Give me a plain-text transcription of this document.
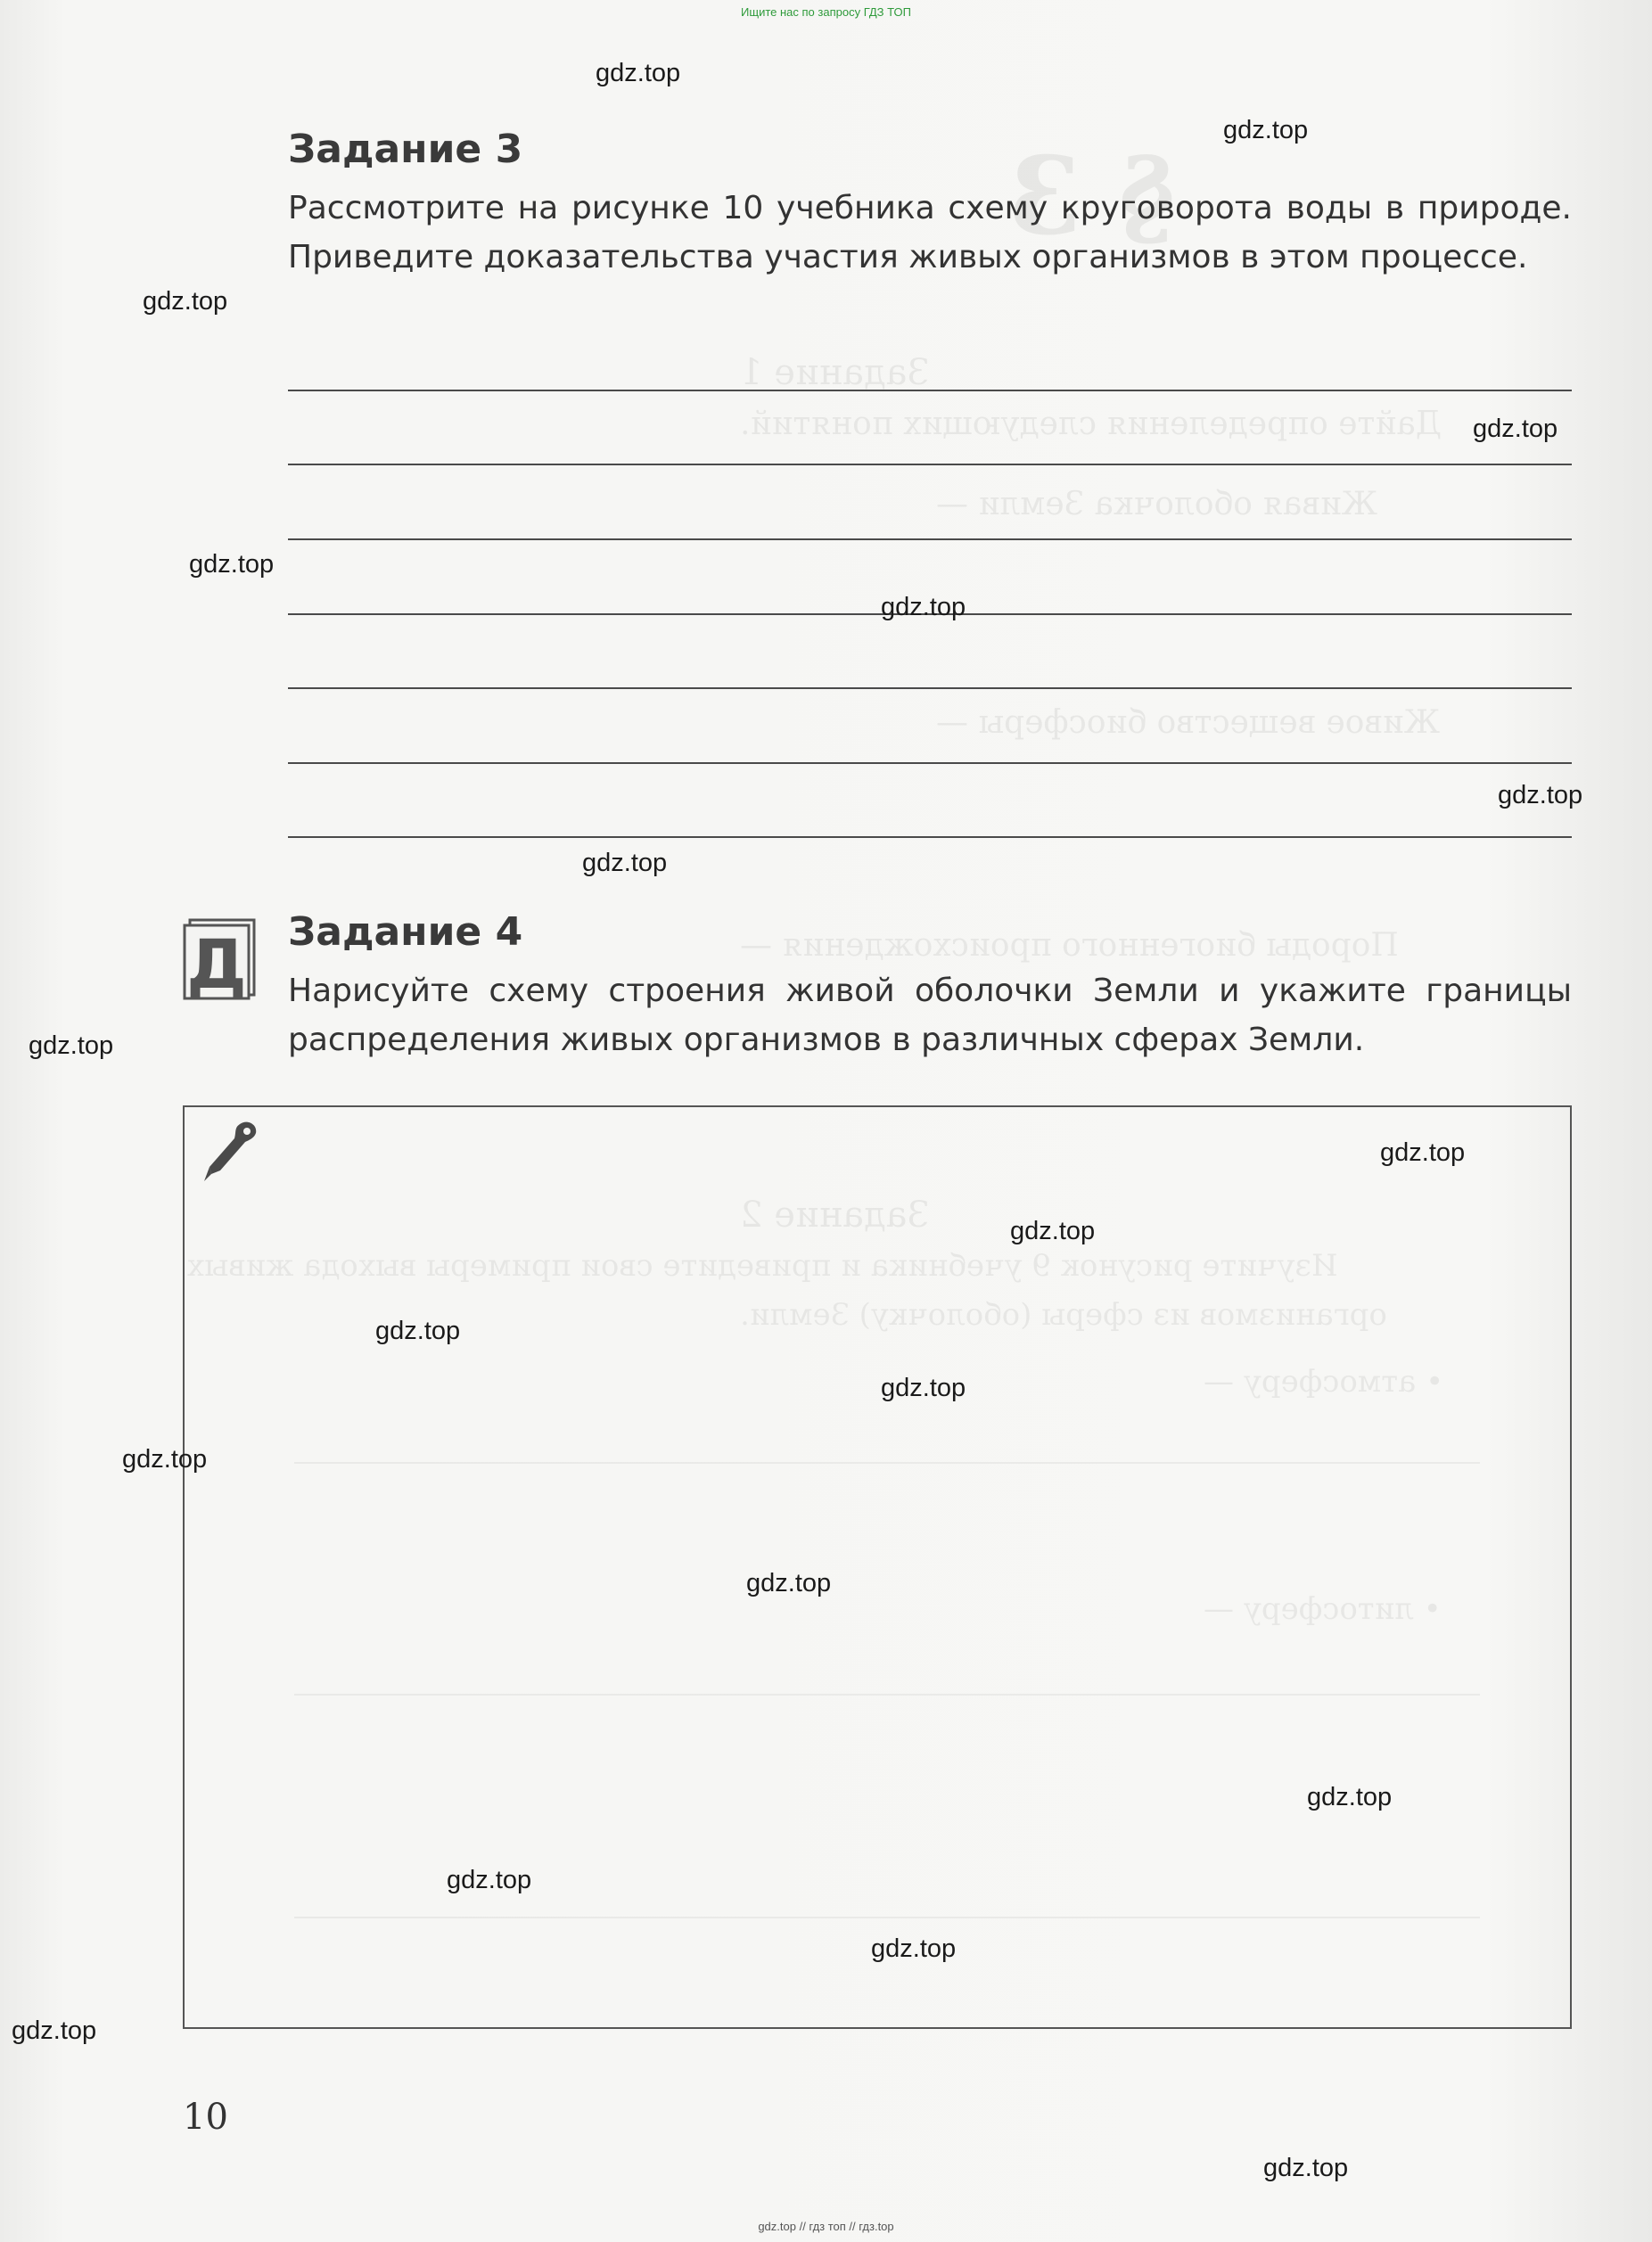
§ 3
Задание 1
Дайте определения следующих понятий.
Живая оболочка Земли —
Живое вещество биосферы —
Породы биогенного происхождения —
Задание 2
Изучите рисунок 9 учебника и приведите свои примеры выхода живых
организмов из сферы (оболочку) Земли.
• атмосферу —
• литосферу —
Ищите нас по запросу ГДЗ ТОП
Задание 3

Рассмотрите на рисунке 10 учебника схему круговорота воды в природе. Приведите доказательства участия живых организмов в этом процессе.

Д Задание 4

Нарисуйте схему строения живой оболочки Земли и укажите границы распределения живых организмов в различных сферах Земли.

10
gdz.top
gdz.top
gdz.top
gdz.top
gdz.top
gdz.top
gdz.top
gdz.top
gdz.top
gdz.top
gdz.top
gdz.top
gdz.top
gdz.top
gdz.top
gdz.top
gdz.top
gdz.top
gdz.top
gdz.top
gdz.top // гдз топ // гдз.top
